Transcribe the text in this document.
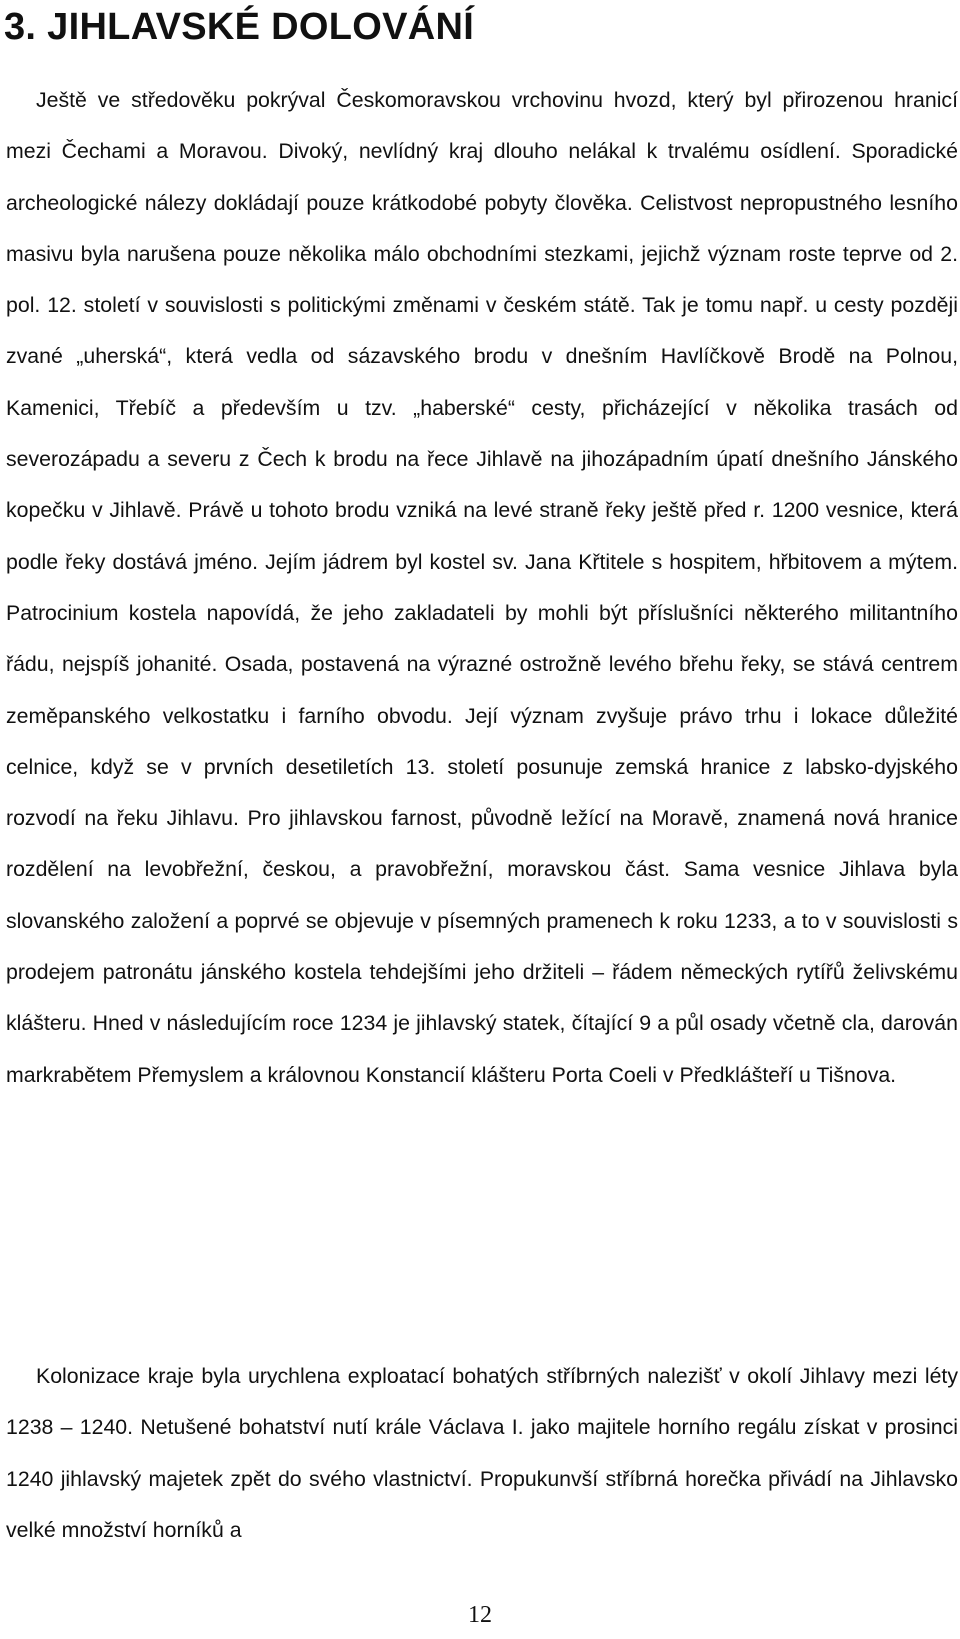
3. JIHLAVSKÉ DOLOVÁNÍ

Ještě ve středověku pokrýval Českomoravskou vrchovinu hvozd, který byl přirozenou hranicí mezi Čechami a Moravou. Divoký, nevlídný kraj dlouho nelákal k trvalému osídlení. Sporadické archeologické nálezy dokládají pouze krátkodobé pobyty člověka. Celistvost nepropustného lesního masivu byla narušena pouze několika málo obchodními stezkami, jejichž význam roste teprve od 2. pol. 12. století v souvislosti s politickými změnami v českém státě. Tak je tomu např. u cesty později zvané „uherská“, která vedla od sázavského brodu v dnešním Havlíčkově Brodě na Polnou, Kamenici, Třebíč a především u tzv. „haberské“ cesty, přicházející v několika trasách od severozápadu a severu z Čech k brodu na řece Jihlavě na jihozápadním úpatí dnešního Jánského kopečku v Jihlavě. Právě u tohoto brodu vzniká na levé straně řeky ještě před r. 1200 vesnice, která podle řeky dostává jméno. Jejím jádrem byl kostel sv. Jana Křtitele s hospitem, hřbitovem a mýtem. Patrocinium kostela napovídá, že jeho zakladateli by mohli být příslušníci některého militantního řádu, nejspíš johanité. Osada, postavená na výrazné ostrožně levého břehu řeky, se stává centrem zeměpanského velkostatku i farního obvodu. Její význam zvyšuje právo trhu i lokace důležité celnice, když se v prvních desetiletích 13. století posunuje zemská hranice z labsko-dyjského rozvodí na řeku Jihlavu. Pro jihlavskou farnost, původně ležící na Moravě, znamená nová hranice rozdělení na levobřežní, českou, a pravobřežní, moravskou část. Sama vesnice Jihlava byla slovanského založení a poprvé se objevuje v písemných pramenech k roku 1233, a to v souvislosti s prodejem patronátu jánského kostela tehdejšími jeho držiteli – řádem německých rytířů želivskému klášteru. Hned v následujícím roce 1234 je jihlavský statek, čítající 9 a půl osady včetně cla, darován markrabětem Přemyslem a královnou Konstancií klášteru Porta Coeli v Předklášteří u Tišnova.

Kolonizace kraje byla urychlena exploatací bohatých stříbrných nalezišť v okolí Jihlavy mezi léty 1238 – 1240. Netušené bohatství nutí krále Václava I. jako majitele horního regálu získat v prosinci 1240 jihlavský majetek zpět do svého vlastnictví. Propukunvší stříbrná horečka přivádí na Jihlavsko velké množství horníků a

12
